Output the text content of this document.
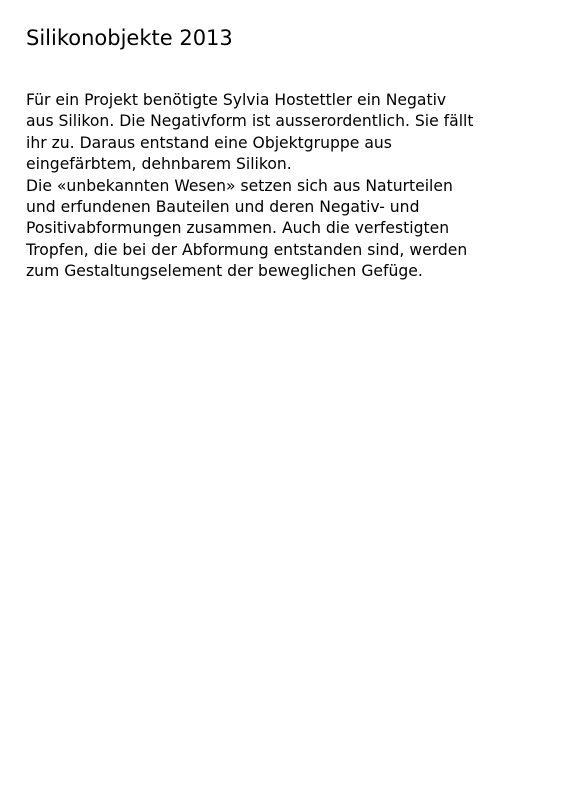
Silikonobjekte 2013
Für ein Projekt benötigte Sylvia Hostettler ein Negativ
aus Silikon. Die Negativform ist ausserordentlich. Sie fällt
ihr zu. Daraus entstand eine Objektgruppe aus
eingefärbtem, dehnbarem Silikon.
Die «unbekannten Wesen» setzen sich aus Naturteilen
und erfundenen Bauteilen und deren Negativ- und
Positivabformungen zusammen. Auch die verfestigten
Tropfen, die bei der Abformung entstanden sind, werden
zum Gestaltungselement der beweglichen Gefüge.
